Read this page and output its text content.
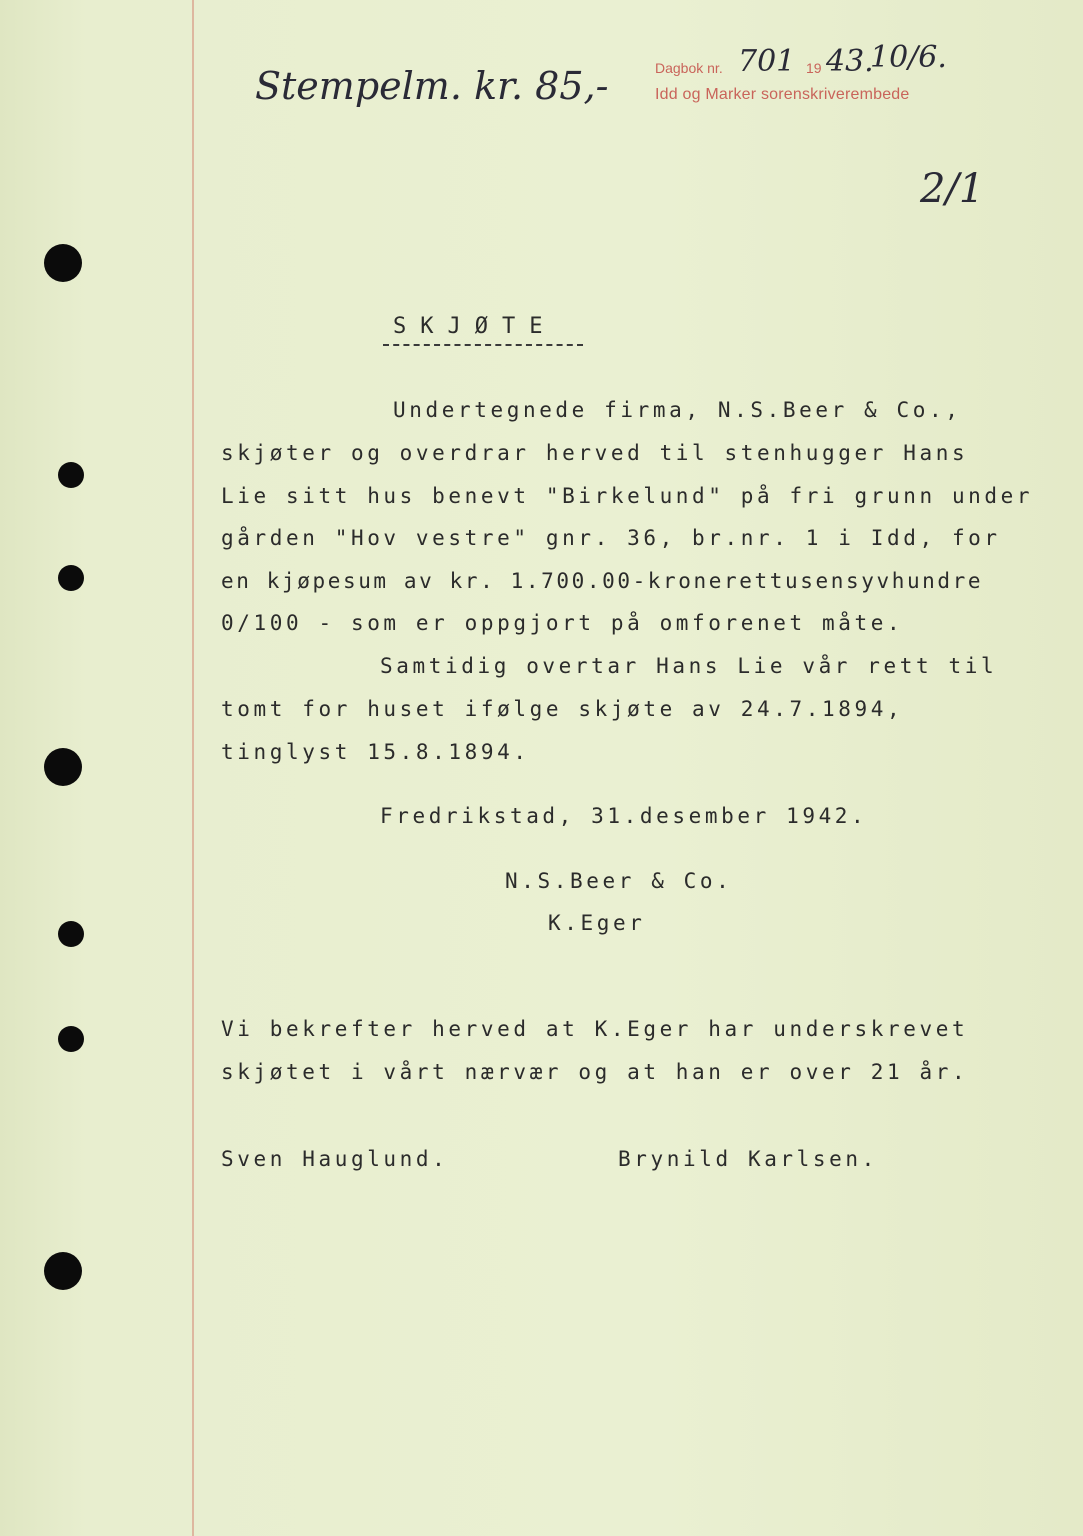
Stempelm. kr. 85,-	Dagbok nr. 701 19 43.
10/6.
Idd og Marker sorenskriverembede
2/1
SKJØTE
Undertegnede firma, N.S.Beer & Co.,
skjøter og overdrar herved til stenhugger Hans
Lie sitt hus benevt "Birkelund" på fri grunn under
gården "Hov vestre" gnr. 36, br.nr. 1 i Idd, for
en kjøpesum av kr. 1.700.00-kronerettusensyvhundre
0/100 - som er oppgjort på omforenet måte.
Samtidig overtar Hans Lie vår rett til
tomt for huset ifølge skjøte av 24.7.1894,
tinglyst 15.8.1894.
Fredrikstad, 31.desember 1942.
N.S.Beer & Co.
K.Eger
Vi bekrefter herved at K.Eger har underskrevet
skjøtet i vårt nærvær og at han er over 21 år.
Sven Hauglund.	Brynild Karlsen.
